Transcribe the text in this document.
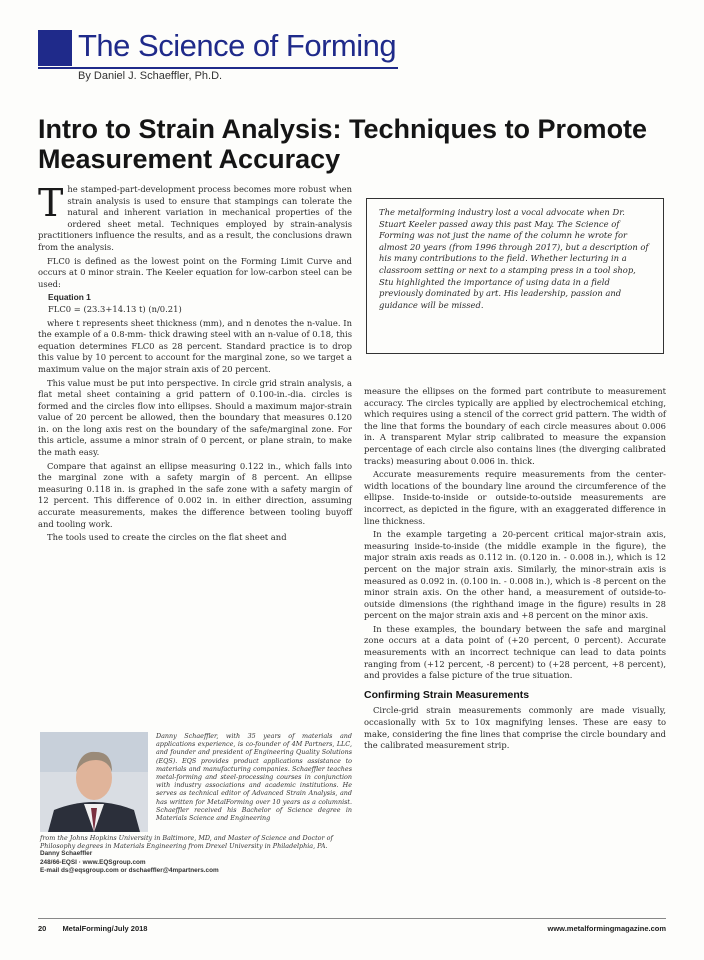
The Science of Forming
By Daniel J. Schaeffler, Ph.D.
Intro to Strain Analysis: Techniques to Promote Measurement Accuracy

The stamped-part-development process becomes more robust when strain analysis is used to ensure that stampings can tolerate the natural and inherent variation in mechanical properties of the ordered sheet metal. Techniques employed by strain-analysis practitioners influence the results, and as a result, the conclusions drawn from the analysis.

FLC0 is defined as the lowest point on the Forming Limit Curve and occurs at 0 minor strain. The Keeler equation for low-carbon steel can be used:

Equation 1
FLC0 = (23.3+14.13 t) (n/0.21)

where t represents sheet thickness (mm), and n denotes the n-value. In the example of a 0.8-mm- thick drawing steel with an n-value of 0.18, this equation determines FLC0 as 28 percent. Standard practice is to drop this value by 10 percent to account for the marginal zone, so we target a maximum value on the major strain axis of 20 percent.

This value must be put into perspective. In circle grid strain analysis, a flat metal sheet containing a grid pattern of 0.100-in.-dia. circles is formed and the circles flow into ellipses. Should a maximum major-strain value of 20 percent be allowed, then the boundary that measures 0.120 in. on the long axis rest on the boundary of the safe/marginal zone. For this article, assume a minor strain of 0 percent, or plane strain, to make the math easy.

Compare that against an ellipse measuring 0.122 in., which falls into the marginal zone with a safety margin of 8 percent. An ellipse measuring 0.118 in. is graphed in the safe zone with a safety margin of 12 percent. This difference of 0.002 in. in either direction, assuming accurate measurements, makes the difference between tooling buyoff and tooling work.

The tools used to create the circles on the flat sheet and

The metalforming industry lost a vocal advocate when Dr. Stuart Keeler passed away this past May. The Science of Forming was not just the name of the column he wrote for almost 20 years (from 1996 through 2017), but a description of his many contributions to the field. Whether lecturing in a classroom setting or next to a stamping press in a tool shop, Stu highlighted the importance of using data in a field previously dominated by art. His leadership, passion and guidance will be missed.

measure the ellipses on the formed part contribute to measurement accuracy. The circles typically are applied by electrochemical etching, which requires using a stencil of the correct grid pattern. The width of the line that forms the boundary of each circle measures about 0.006 in. A transparent Mylar strip calibrated to measure the expansion percentage of each circle also contains lines (the diverging calibrated tracks) measuring about 0.006 in. thick.

Accurate measurements require measurements from the center-width locations of the boundary line around the circumference of the ellipse. Inside-to-inside or outside-to-outside measurements are incorrect, as depicted in the figure, with an exaggerated difference in line thickness.

In the example targeting a 20-percent critical major-strain axis, measuring inside-to-inside (the middle example in the figure), the major strain axis reads as 0.112 in. (0.120 in. - 0.008 in.), which is 12 percent on the major strain axis. Similarly, the minor-strain axis is measured as 0.092 in. (0.100 in. - 0.008 in.), which is -8 percent on the minor strain axis. On the other hand, a measurement of outside-to-outside dimensions (the righthand image in the figure) results in 28 percent on the major strain axis and +8 percent on the minor axis.

In these examples, the boundary between the safe and marginal zone occurs at a data point of (+20 percent, 0 percent). Accurate measurements with an incorrect technique can lead to data points ranging from (+12 percent, -8 percent) to (+28 percent, +8 percent), and provides a false picture of the true situation.

Confirming Strain Measurements

Circle-grid strain measurements commonly are made visually, occasionally with 5x to 10x magnifying lenses. These are easy to make, considering the fine lines that comprise the circle boundary and the calibrated measurement strip.

Danny Schaeffler, with 35 years of materials and applications experience, is co-founder of 4M Partners, LLC, and founder and president of Engineering Quality Solutions (EQS). EQS provides product applications assistance to materials and manufacturing companies. Schaeffler teaches metal-forming and steel-processing courses in conjunction with industry associations and academic institutions. He serves as technical editor of Advanced Strain Analysis, and has written for MetalForming over 10 years as a columnist. Schaeffler received his Bachelor of Science degree in Materials Science and Engineering
from the Johns Hopkins University in Baltimore, MD, and Master of Science and Doctor of Philosophy degrees in Materials Engineering from Drexel University in Philadelphia, PA.
Danny Schaeffler
248/66-EQSI · www.EQSgroup.com
E-mail ds@eqsgroup.com or dschaeffler@4mpartners.com
20 MetalForming/July 2018	www.metalformingmagazine.com
